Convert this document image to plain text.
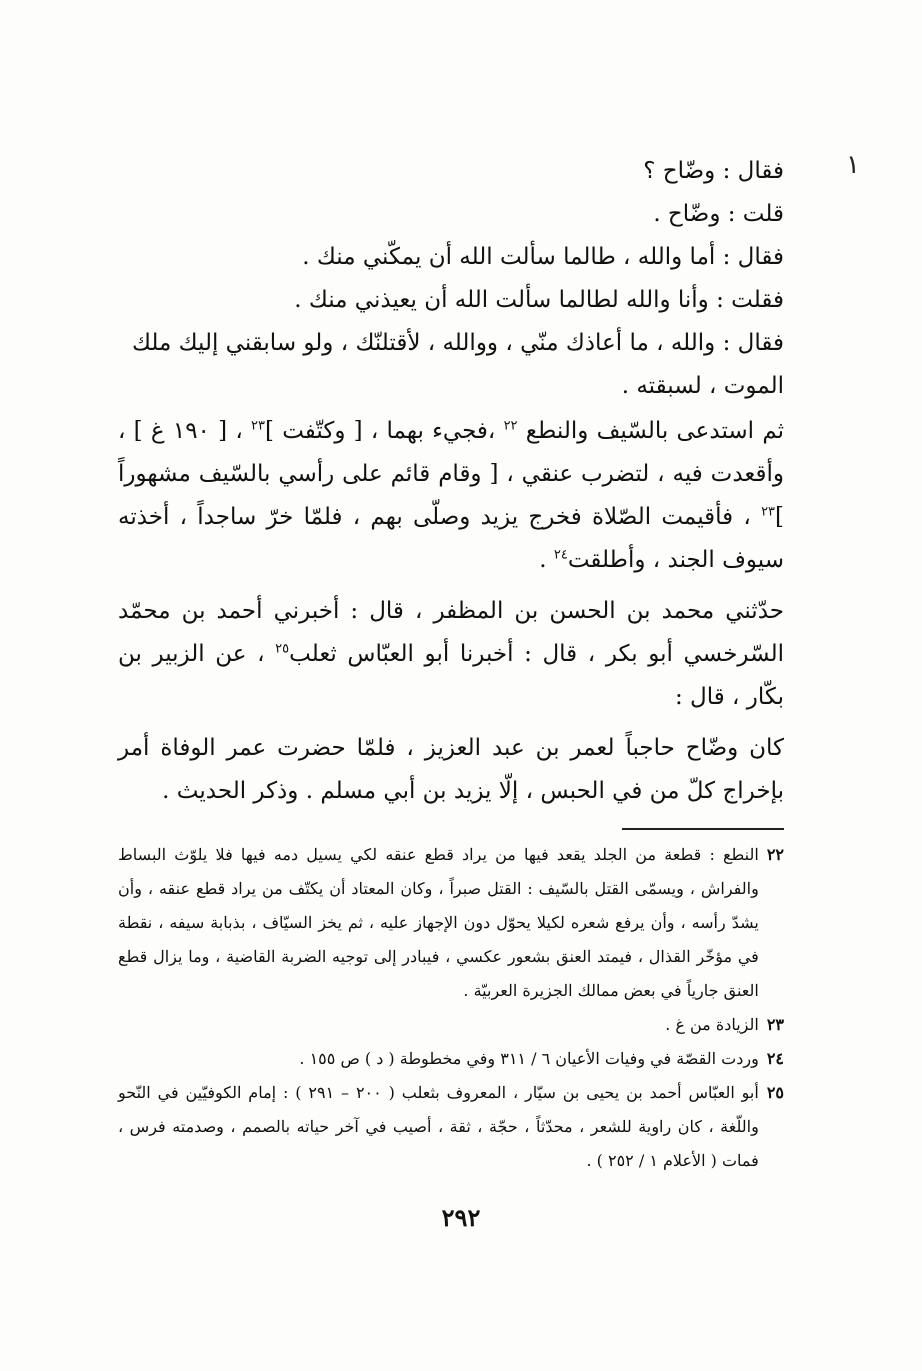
١
فقال : وضّاح ؟
قلت : وضّاح .
فقال : أما والله ، طالما سألت الله أن يمكّني منك .
فقلت : وأنا والله لطالما سألت الله أن يعيذني منك .
فقال : والله ، ما أعاذك منّي ، ووالله ، لأقتلنّك ، ولو سابقني إليك ملك الموت ، لسبقته .

ثم استدعى بالسّيف والنطع $^{٢٢}$ ،فجيء بهما ، [ وكتّفت ]$^{٢٣}$ ، [ ١٩٠ غ ] ، وأقعدت فيه ، لتضرب عنقي ، [ وقام قائم على رأسي بالسّيف مشهوراً ]$^{٢٣}$ ، فأقيمت الصّلاة فخرج يزيد وصلّى بهم ، فلمّا خرّ ساجداً ، أخذته سيوف الجند ، وأطلقت$^{٢٤}$ .

حدّثني محمد بن الحسن بن المظفر ، قال : أخبرني أحمد بن محمّد السّرخسي أبو بكر ، قال : أخبرنا أبو العبّاس ثعلب$^{٢٥}$ ، عن الزبير بن بكّار ، قال :

كان وضّاح حاجباً لعمر بن عبد العزيز ، فلمّا حضرت عمر الوفاة أمر بإخراج كلّ من في الحبس ، إلّا يزيد بن أبي مسلم . وذكر الحديث .

٢٢
النطع : قطعة من الجلد يقعد فيها من يراد قطع عنقه لكي يسيل دمه فيها فلا يلوّث البساط والفراش ، ويسمّى القتل بالسّيف : القتل صبراً ، وكان المعتاد أن يكتّف من يراد قطع عنقه ، وأن يشدّ رأسه ، وأن يرفع شعره لكيلا يحوّل دون الإجهاز عليه ، ثم يخز السيّاف ، بذبابة سيفه ، نقطة في مؤخّر القذال ، فيمتد العنق بشعور عكسي ، فيبادر إلى توجيه الضربة القاضية ، وما يزال قطع العنق جارياً في بعض ممالك الجزيرة العربيّة .

٢٣
الزيادة من غ .

٢٤
وردت القصّة في وفيات الأعيان ٦ / ٣١١ وفي مخطوطة ( د ) ص ١٥٥ .

٢٥
أبو العبّاس أحمد بن يحيى بن سيّار ، المعروف بثعلب ( ٢٠٠ – ٢٩١ ) : إمام الكوفيّين في النّحو واللّغة ، كان راوية للشعر ، محدّثاً ، حجّة ، ثقة ، أصيب في آخر حياته بالصمم ، وصدمته فرس ، فمات ( الأعلام ١ / ٢٥٢ ) .

٢٩٢
